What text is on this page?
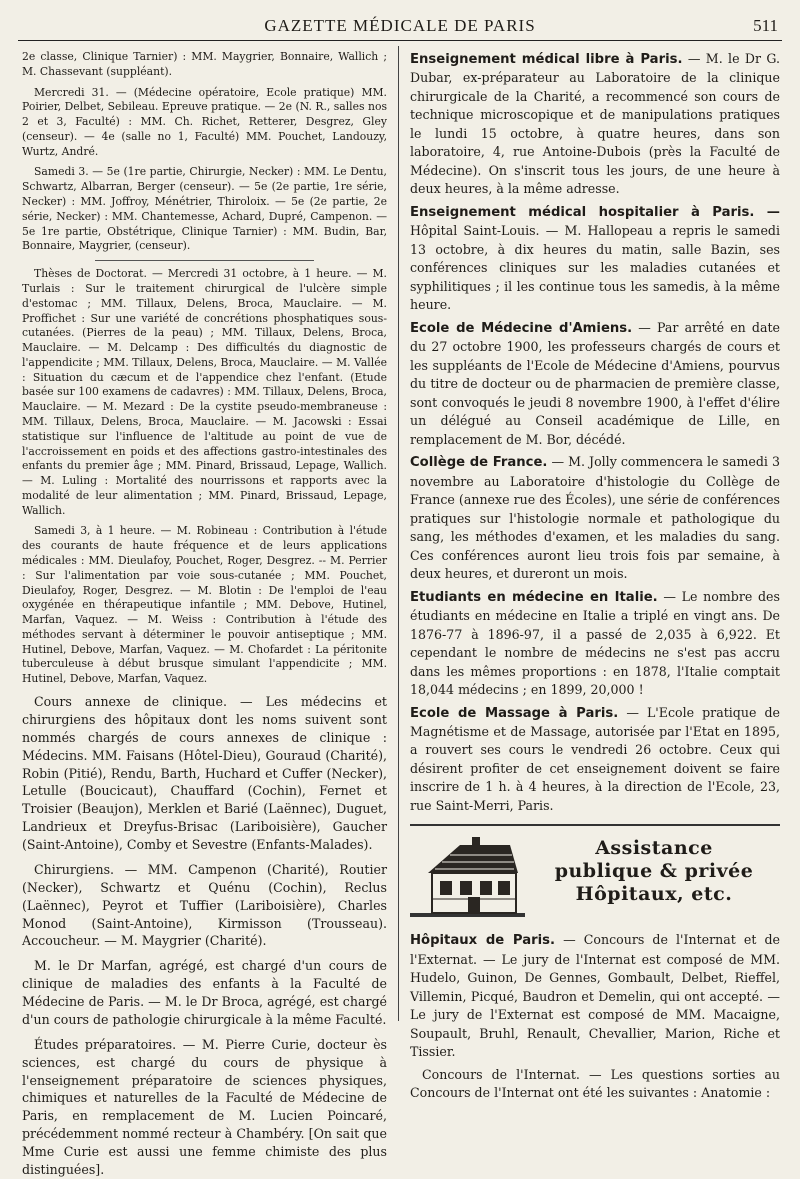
GAZETTE MÉDICALE DE PARIS	511

2e classe, Clinique Tarnier) : MM. Maygrier, Bonnaire, Wallich ; M. Chassevant (suppléant).

Mercredi 31. — (Médecine opératoire, Ecole pratique) MM. Poirier, Delbet, Sebileau. Epreuve pratique. — 2e (N. R., salles nos 2 et 3, Faculté) : MM. Ch. Richet, Retterer, Desgrez, Gley (censeur). — 4e (salle no 1, Faculté) MM. Pouchet, Landouzy, Wurtz, André.

Samedi 3. — 5e (1re partie, Chirurgie, Necker) : MM. Le Dentu, Schwartz, Albarran, Berger (censeur). — 5e (2e partie, 1re série, Necker) : MM. Joffroy, Ménétrier, Thiroloix. — 5e (2e partie, 2e série, Necker) : MM. Chantemesse, Achard, Dupré, Campenon. — 5e 1re partie, Obstétrique, Clinique Tarnier) : MM. Budin, Bar, Bonnaire, Maygrier, (censeur).

Thèses de Doctorat. — Mercredi 31 octobre, à 1 heure. — M. Turlais : Sur le traitement chirurgical de l'ulcère simple d'estomac ; MM. Tillaux, Delens, Broca, Mauclaire. — M. Proffichet : Sur une variété de concrétions phosphatiques sous-cutanées. (Pierres de la peau) ; MM. Tillaux, Delens, Broca, Mauclaire. — M. Delcamp : Des difficultés du diagnostic de l'appendicite ; MM. Tillaux, Delens, Broca, Mauclaire. — M. Vallée : Situation du cæcum et de l'appendice chez l'enfant. (Etude basée sur 100 examens de cadavres) : MM. Tillaux, Delens, Broca, Mauclaire. — M. Mezard : De la cystite pseudo-membraneuse : MM. Tillaux, Delens, Broca, Mauclaire. — M. Jacowski : Essai statistique sur l'influence de l'altitude au point de vue de l'accroissement en poids et des affections gastro-intestinales des enfants du premier âge ; MM. Pinard, Brissaud, Lepage, Wallich. — M. Luling : Mortalité des nourrissons et rapports avec la modalité de leur alimentation ; MM. Pinard, Brissaud, Lepage, Wallich.

Samedi 3, à 1 heure. — M. Robineau : Contribution à l'étude des courants de haute fréquence et de leurs applications médicales : MM. Dieulafoy, Pouchet, Roger, Desgrez. -- M. Perrier : Sur l'alimentation par voie sous-cutanée ; MM. Pouchet, Dieulafoy, Roger, Desgrez. — M. Blotin : De l'emploi de l'eau oxygénée en thérapeutique infantile ; MM. Debove, Hutinel, Marfan, Vaquez. — M. Weiss : Contribution à l'étude des méthodes servant à déterminer le pouvoir antiseptique ; MM. Hutinel, Debove, Marfan, Vaquez. — M. Chofardet : La péritonite tuberculeuse à début brusque simulant l'appendicite ; MM. Hutinel, Debove, Marfan, Vaquez.

Cours annexe de clinique. — Les médecins et chirurgiens des hôpitaux dont les noms suivent sont nommés chargés de cours annexes de clinique : Médecins. MM. Faisans (Hôtel-Dieu), Gouraud (Charité), Robin (Pitié), Rendu, Barth, Huchard et Cuffer (Necker), Letulle (Boucicaut), Chauffard (Cochin), Fernet et Troisier (Beaujon), Merklen et Barié (Laënnec), Duguet, Landrieux et Dreyfus-Brisac (Lariboisière), Gaucher (Saint-Antoine), Comby et Sevestre (Enfants-Malades).

Chirurgiens. — MM. Campenon (Charité), Routier (Necker), Schwartz et Quénu (Cochin), Reclus (Laënnec), Peyrot et Tuffier (Lariboisière), Charles Monod (Saint-Antoine), Kirmisson (Trousseau). Accoucheur. — M. Maygrier (Charité).

M. le Dr Marfan, agrégé, est chargé d'un cours de clinique de maladies des enfants à la Faculté de Médecine de Paris. — M. le Dr Broca, agrégé, est chargé d'un cours de pathologie chirurgicale à la même Faculté.

Études préparatoires. — M. Pierre Curie, docteur ès sciences, est chargé du cours de physique à l'enseignement préparatoire de sciences physiques, chimiques et naturelles de la Faculté de Médecine de Paris, en remplacement de M. Lucien Poincaré, précédemment nommé recteur à Chambéry. [On sait que Mme Curie est aussi une femme chimiste des plus distinguées].

Enseignement médical libre à Paris. — M. le Dr G. Dubar, ex-préparateur au Laboratoire de la clinique chirurgicale de la Charité, a recommencé son cours de technique microscopique et de manipulations pratiques le lundi 15 octobre, à quatre heures, dans son laboratoire, 4, rue Antoine-Dubois (près la Faculté de Médecine). On s'inscrit tous les jours, de une heure à deux heures, à la même adresse.
Enseignement médical hospitalier à Paris. — Hôpital Saint-Louis. — M. Hallopeau a repris le samedi 13 octobre, à dix heures du matin, salle Bazin, ses conférences cliniques sur les maladies cutanées et syphilitiques ; il les continue tous les samedis, à la même heure.
Ecole de Médecine d'Amiens. — Par arrêté en date du 27 octobre 1900, les professeurs chargés de cours et les suppléants de l'Ecole de Médecine d'Amiens, pourvus du titre de docteur ou de pharmacien de première classe, sont convoqués le jeudi 8 novembre 1900, à l'effet d'élire un délégué au Conseil académique de Lille, en remplacement de M. Bor, décédé.
Collège de France. — M. Jolly commencera le samedi 3 novembre au Laboratoire d'histologie du Collège de France (annexe rue des Écoles), une série de conférences pratiques sur l'histologie normale et pathologique du sang, les méthodes d'examen, et les maladies du sang. Ces conférences auront lieu trois fois par semaine, à deux heures, et dureront un mois.
Etudiants en médecine en Italie. — Le nombre des étudiants en médecine en Italie a triplé en vingt ans. De 1876-77 à 1896-97, il a passé de 2,035 à 6,922. Et cependant le nombre de médecins ne s'est pas accru dans les mêmes proportions : en 1878, l'Italie comptait 18,044 médecins ; en 1899, 20,000 !
Ecole de Massage à Paris. — L'Ecole pratique de Magnétisme et de Massage, autorisée par l'Etat en 1895, a rouvert ses cours le vendredi 26 octobre. Ceux qui désirent profiter de cet enseignement doivent se faire inscrire de 1 h. à 4 heures, à la direction de l'Ecole, 23, rue Saint-Merri, Paris.
Assistance
publique & privée
Hôpitaux, etc.
Hôpitaux de Paris. — Concours de l'Internat et de l'Externat. — Le jury de l'Internat est composé de MM. Hudelo, Guinon, De Gennes, Gombault, Delbet, Rieffel, Villemin, Picqué, Baudron et Demelin, qui ont accepté. — Le jury de l'Externat est composé de MM. Macaigne, Soupault, Bruhl, Renault, Chevallier, Marion, Riche et Tissier.
Concours de l'Internat. — Les questions sorties au Concours de l'Internat ont été les suivantes : Anatomie :
